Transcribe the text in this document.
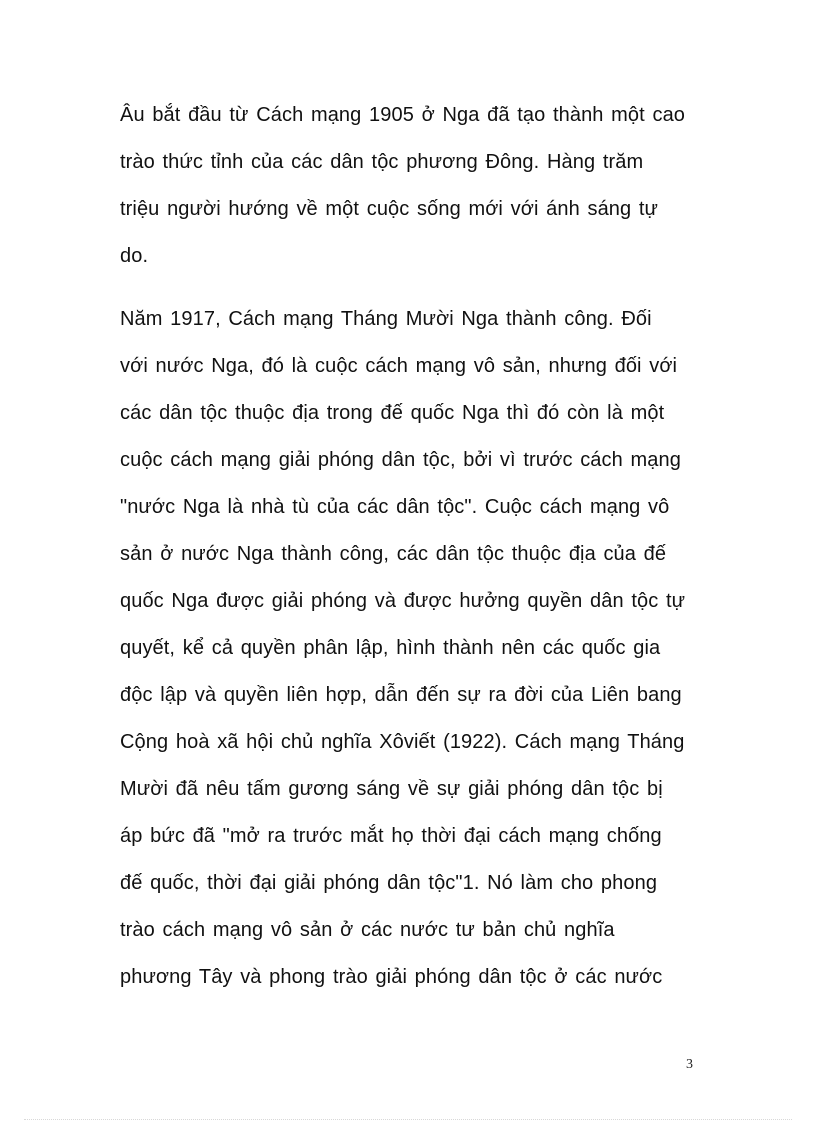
Âu bắt đầu từ Cách mạng 1905 ở Nga đã tạo thành một cao
trào thức tỉnh của các dân tộc phương Đông. Hàng trăm
triệu người hướng về một cuộc sống mới với ánh sáng tự
do.
Năm 1917, Cách mạng Tháng Mười Nga thành công. Đối
với nước Nga, đó là cuộc cách mạng vô sản, nhưng đối với
các dân tộc thuộc địa trong đế quốc Nga thì đó còn là một
cuộc cách mạng giải phóng dân tộc, bởi vì trước cách mạng
"nước Nga là nhà tù của các dân tộc". Cuộc cách mạng vô
sản ở nước Nga thành công, các dân tộc thuộc địa của đế
quốc Nga được giải phóng và được hưởng quyền dân tộc tự
quyết, kể cả quyền phân lập, hình thành nên các quốc gia
độc lập và quyền liên hợp, dẫn đến sự ra đời của Liên bang
Cộng hoà xã hội chủ nghĩa Xôviết (1922). Cách mạng Tháng
Mười đã nêu tấm gương sáng về sự giải phóng dân tộc bị
áp bức đã "mở ra trước mắt họ thời đại cách mạng chống
đế quốc, thời đại giải phóng dân tộc"1. Nó làm cho phong
trào cách mạng vô sản ở các nước tư bản chủ nghĩa
phương Tây và phong trào giải phóng dân tộc ở các nước
3
